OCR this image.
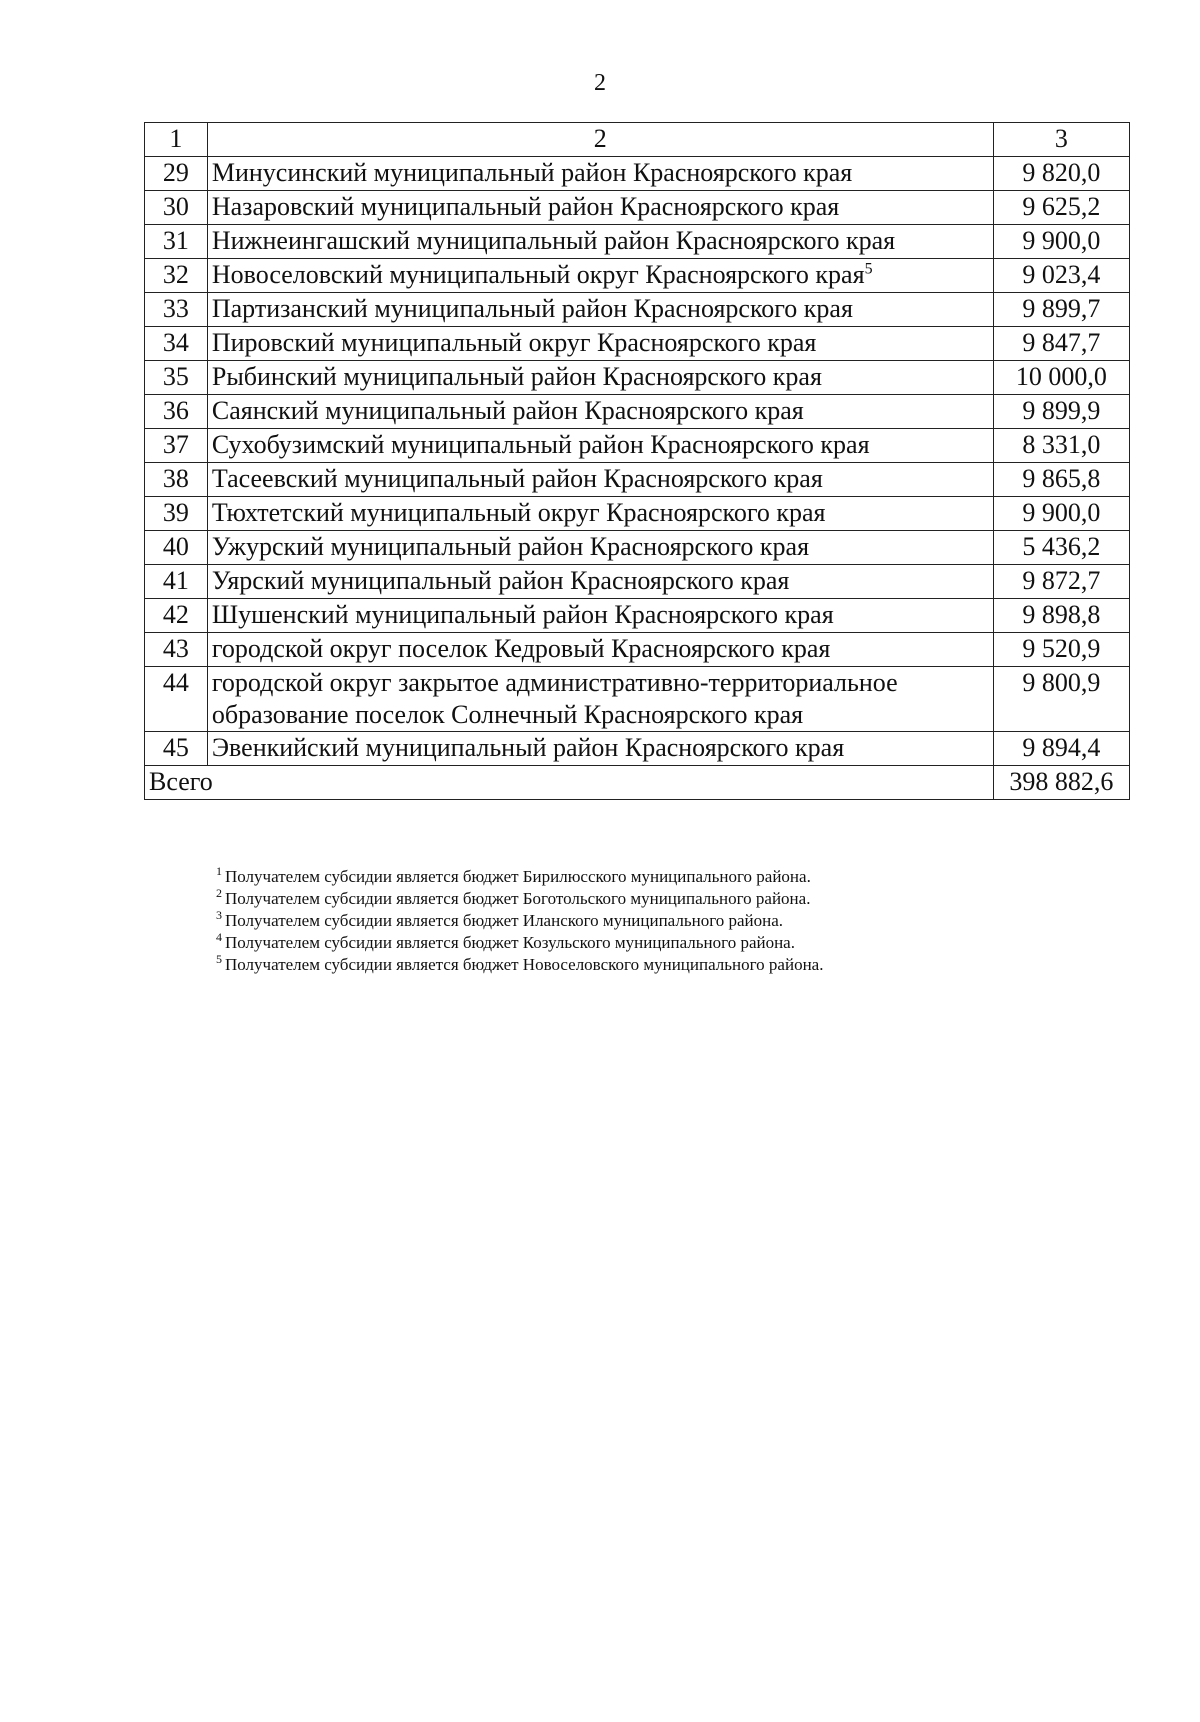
2
1	2	3
29	Минусинский муниципальный район Красноярского края	9 820,0
30	Назаровский муниципальный район Красноярского края	9 625,2
31	Нижнеингашский муниципальный район Красноярского края	9 900,0
32	Новоселовский муниципальный округ Красноярского края$^5$	9 023,4
33	Партизанский муниципальный район Красноярского края	9 899,7
34	Пировский муниципальный округ Красноярского края	9 847,7
35	Рыбинский муниципальный район Красноярского края	10 000,0
36	Саянский муниципальный район Красноярского края	9 899,9
37	Сухобузимский муниципальный район Красноярского края	8 331,0
38	Тасеевский муниципальный район Красноярского края	9 865,8
39	Тюхтетский муниципальный округ Красноярского края	9 900,0
40	Ужурский муниципальный район Красноярского края	5 436,2
41	Уярский муниципальный район Красноярского края	9 872,7
42	Шушенский муниципальный район Красноярского края	9 898,8
43	городской округ поселок Кедровый Красноярского края	9 520,9
44	городской округ закрытое административно-территориальное образование поселок Солнечный Красноярского края	9 800,9
45	Эвенкийский муниципальный район Красноярского края	9 894,4
Всего		398 882,6
$^1$ Получателем субсидии является бюджет Бирилюсского муниципального района.
$^2$ Получателем субсидии является бюджет Боготольского муниципального района.
$^3$ Получателем субсидии является бюджет Иланского муниципального района.
$^4$ Получателем субсидии является бюджет Козульского муниципального района.
$^5$ Получателем субсидии является бюджет Новоселовского муниципального района.
